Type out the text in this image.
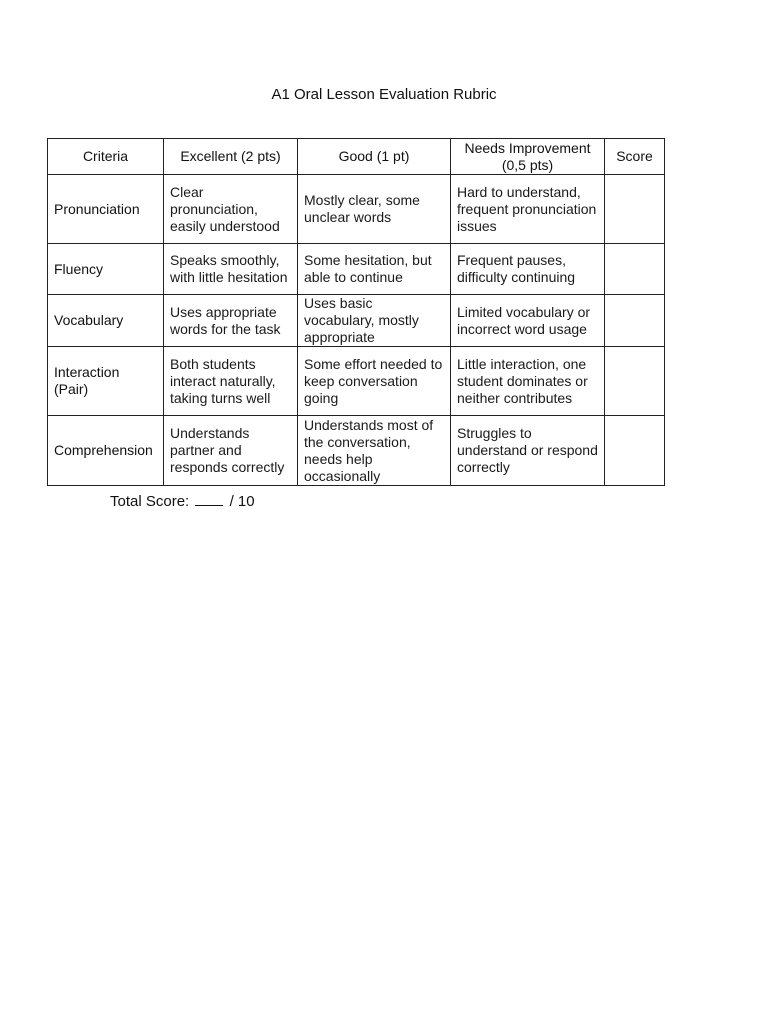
A1 Oral Lesson Evaluation Rubric
Criteria	Excellent (2 pts)	Good (1 pt)	Needs Improvement (0,5 pts)	Score
Pronunciation	Clear pronunciation, easily understood	Mostly clear, some unclear words	Hard to understand, frequent pronunciation issues	
Fluency	Speaks smoothly, with little hesitation	Some hesitation, but able to continue	Frequent pauses, difficulty continuing	
Vocabulary	Uses appropriate words for the task	Uses basic vocabulary, mostly appropriate	Limited vocabulary or incorrect word usage	
Interaction (Pair)	Both students interact naturally, taking turns well	Some effort needed to keep conversation going	Little interaction, one student dominates or neither contributes	
Comprehension	Understands partner and responds correctly	Understands most of the conversation, needs help occasionally	Struggles to understand or respond correctly	
Total Score:	/ 10
